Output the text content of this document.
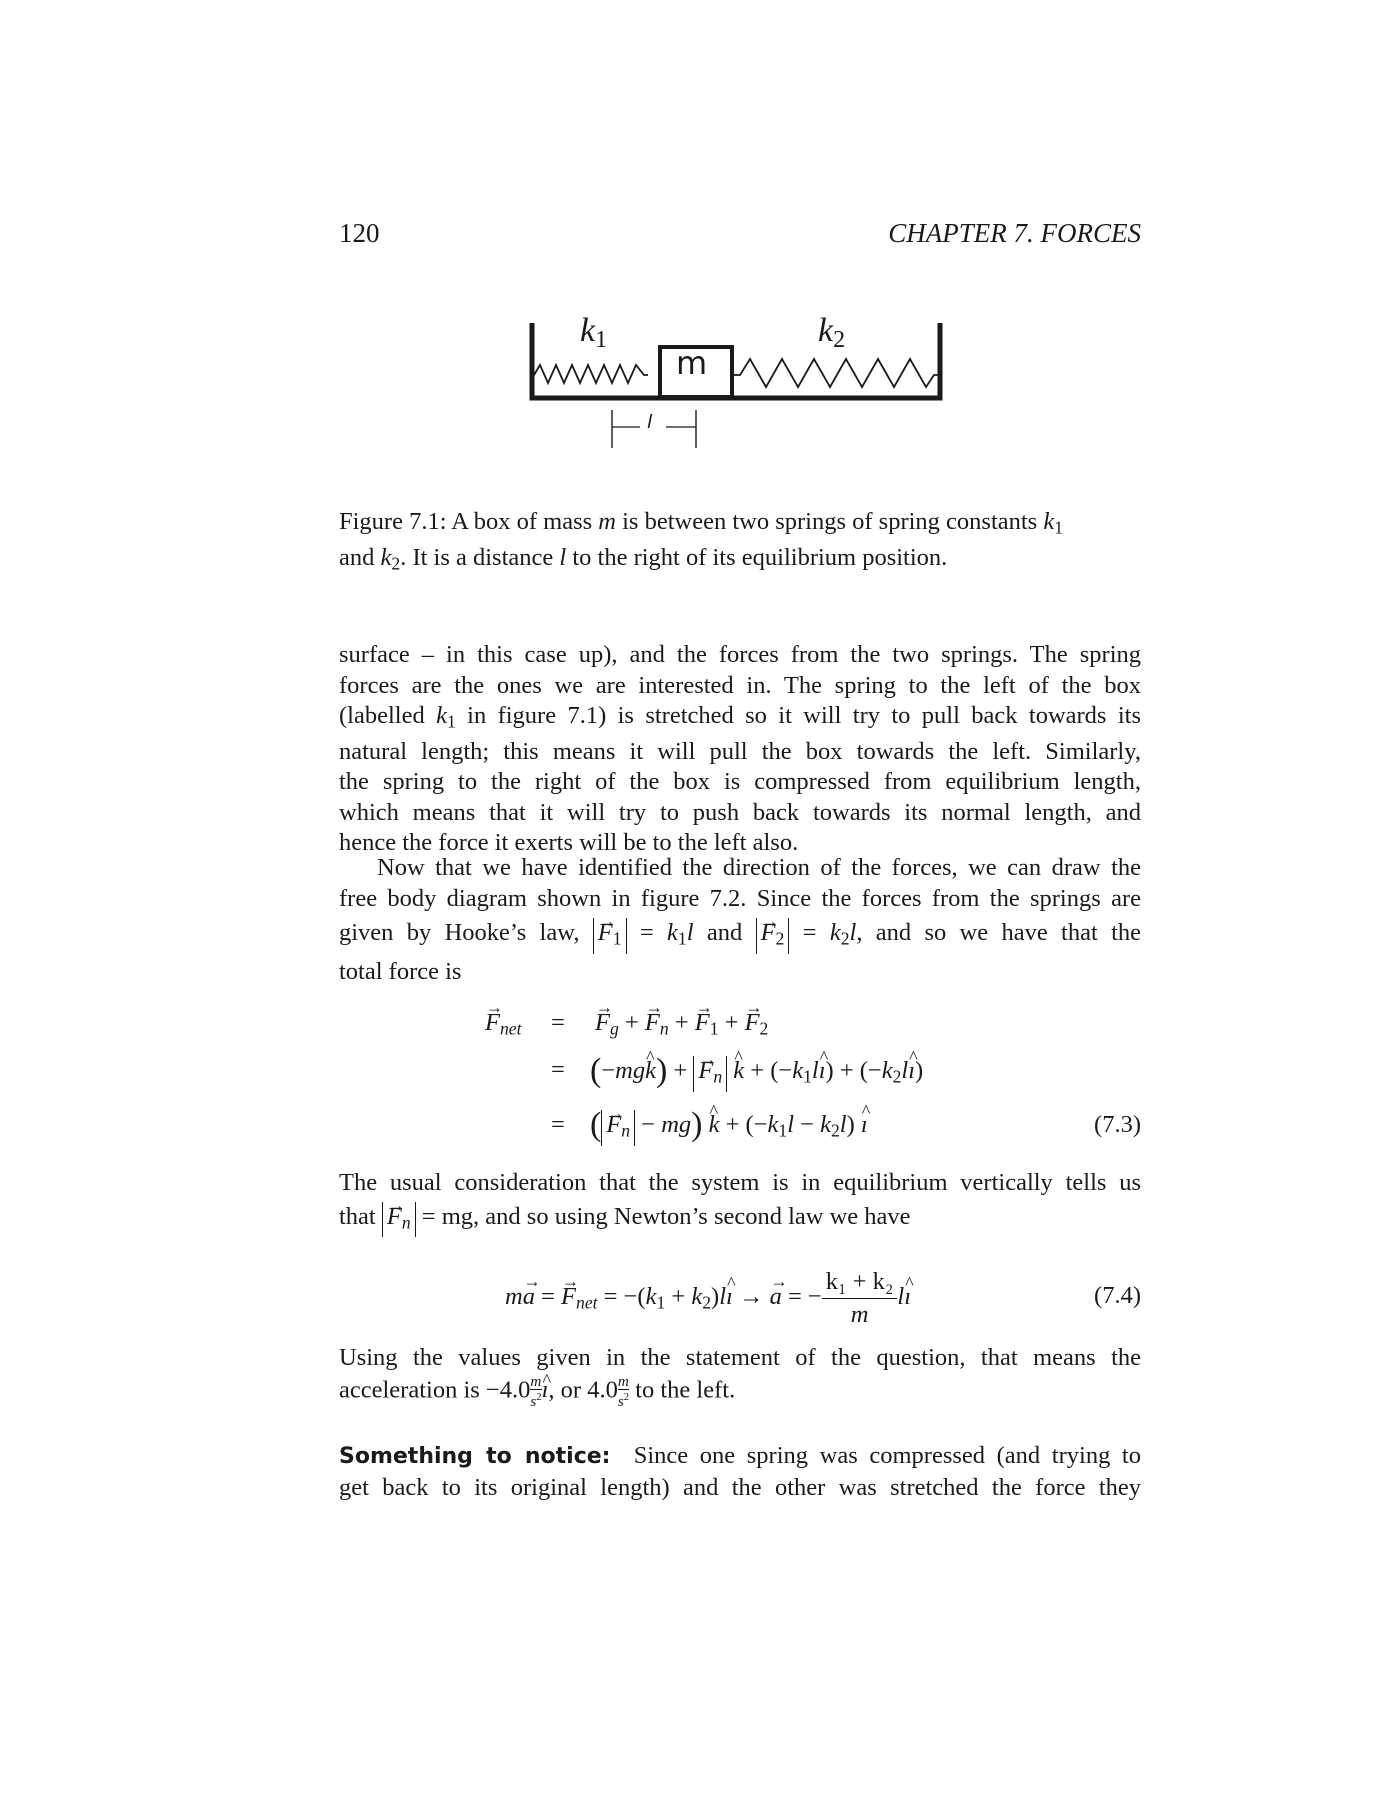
120	CHAPTER 7. FORCES
k1	k2
m
l
Figure 7.1: A box of mass m is between two springs of spring constants $k_1$
and $k_2$. It is a distance l to the right of its equilibrium position.

surface – in this case up), and the forces from the two springs. The spring

forces are the ones we are interested in. The spring to the left of the box

(labelled $k_1$ in figure 7.1) is stretched so it will try to pull back towards its

natural length; this means it will pull the box towards the left. Similarly,

the spring to the right of the box is compressed from equilibrium length,

which means that it will try to push back towards its normal length, and

hence the force it exerts will be to the left also.

Now that we have identified the direction of the forces, we can draw the

free body diagram shown in figure 7.2. Since the forces from the springs are

given by Hooke’s law, → $F_1 = k_1l$ and → $F_2 = k_2l$, and so we have that the

total force is

→ $F_{net}$ = → $F_g$ + → $F_n$ + → $F_1$ + → $F_2$
= (−mg^ k) + → $F_n$ ^ $k + (-k_1l\^{}$ ı) + ($-k_2l\^{}$ ı)
= ( → $F_n - mg$) ^ $k + (-k_1l - k_2l)$ ^ ı	(7.3)

The usual consideration that the system is in equilibrium vertically tells us

that → $F_n$ = mg, and so using Newton’s second law we have

m→ a = → $F_{net} = -(k_1$ + $k_2)l\^{}$ ı → → a = − $\frac{\text{k₁ + k₂}}{m}$ l^ ı	(7.4)

Using the values given in the statement of the question, that means the

acceleration is $-4.0 \frac{m}{s^2}$ ^ ı, or $4.0 \frac{m}{s^2}$ to the left.

Something to notice: Since one spring was compressed (and trying to

get back to its original length) and the other was stretched the force they
